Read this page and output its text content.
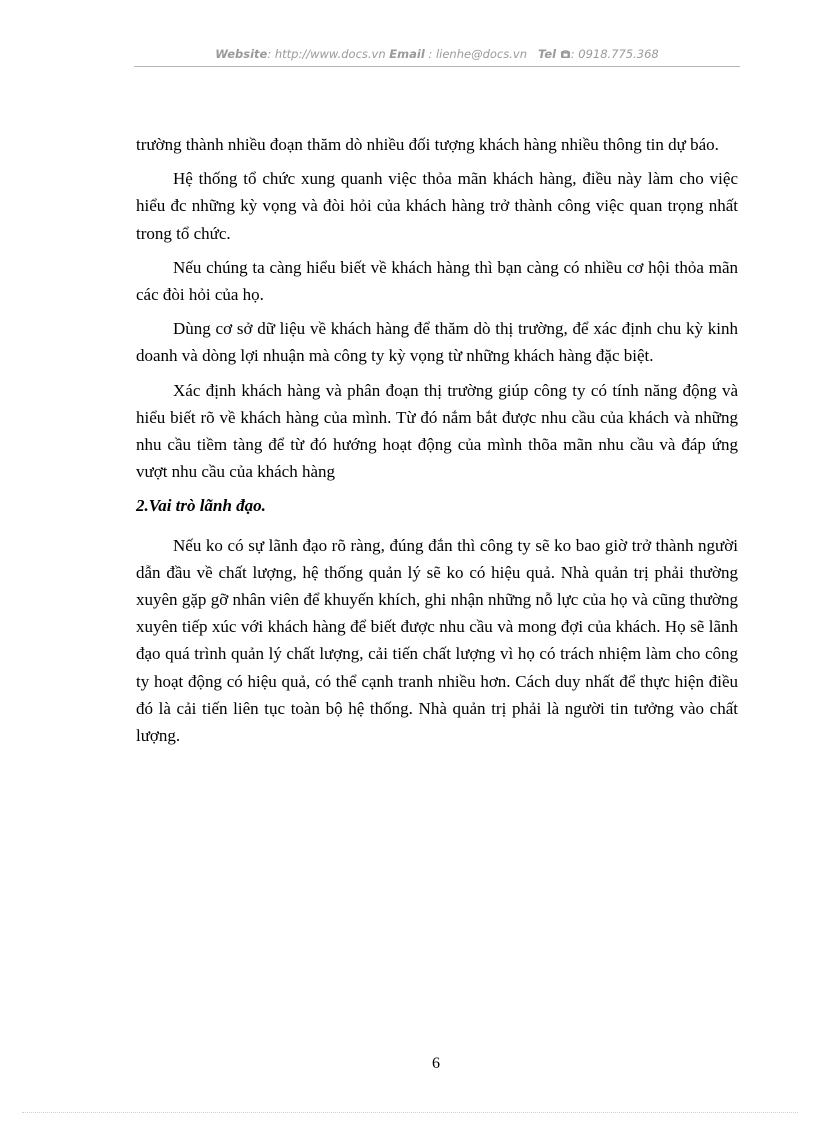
Website: http://www.docs.vn Email : lienhe@docs.vn Tel : 0918.775.368

trường thành nhiều đoạn thăm dò nhiều đối tượng khách hàng nhiều thông tin dự báo.

Hệ thống tổ chức xung quanh việc thỏa mãn khách hàng, điều này làm cho việc hiểu đc những kỳ vọng và đòi hỏi của khách hàng trở thành công việc quan trọng nhất trong tổ chức.

Nếu chúng ta càng hiểu biết về khách hàng thì bạn càng có nhiều cơ hội thỏa mãn các đòi hỏi của họ.

Dùng cơ sở dữ liệu về khách hàng để thăm dò thị trường, để xác định chu kỳ kinh doanh và dòng lợi nhuận mà công ty kỳ vọng từ những khách hàng đặc biệt.

Xác định khách hàng và phân đoạn thị trường giúp công ty có tính năng động và hiểu biết rõ về khách hàng của mình. Từ đó nắm bắt được nhu cầu của khách và những nhu cầu tiềm tàng để từ đó hướng hoạt động của mình thõa mãn nhu cầu và đáp ứng vượt nhu cầu của khách hàng

2.Vai trò lãnh đạo.

Nếu ko có sự lãnh đạo rõ ràng, đúng đắn thì công ty sẽ ko bao giờ trở thành người dẫn đầu về chất lượng, hệ thống quản lý sẽ ko có hiệu quả. Nhà quản trị phải thường xuyên gặp gỡ nhân viên để khuyến khích, ghi nhận những nỗ lực của họ và cũng thường xuyên tiếp xúc với khách hàng để biết được nhu cầu và mong đợi của khách. Họ sẽ lãnh đạo quá trình quản lý chất lượng, cải tiến chất lượng vì họ có trách nhiệm làm cho công ty hoạt động có hiệu quả, có thể cạnh tranh nhiều hơn. Cách duy nhất để thực hiện điều đó là cải tiến liên tục toàn bộ hệ thống. Nhà quản trị phải là người tin tưởng vào chất lượng.

6
